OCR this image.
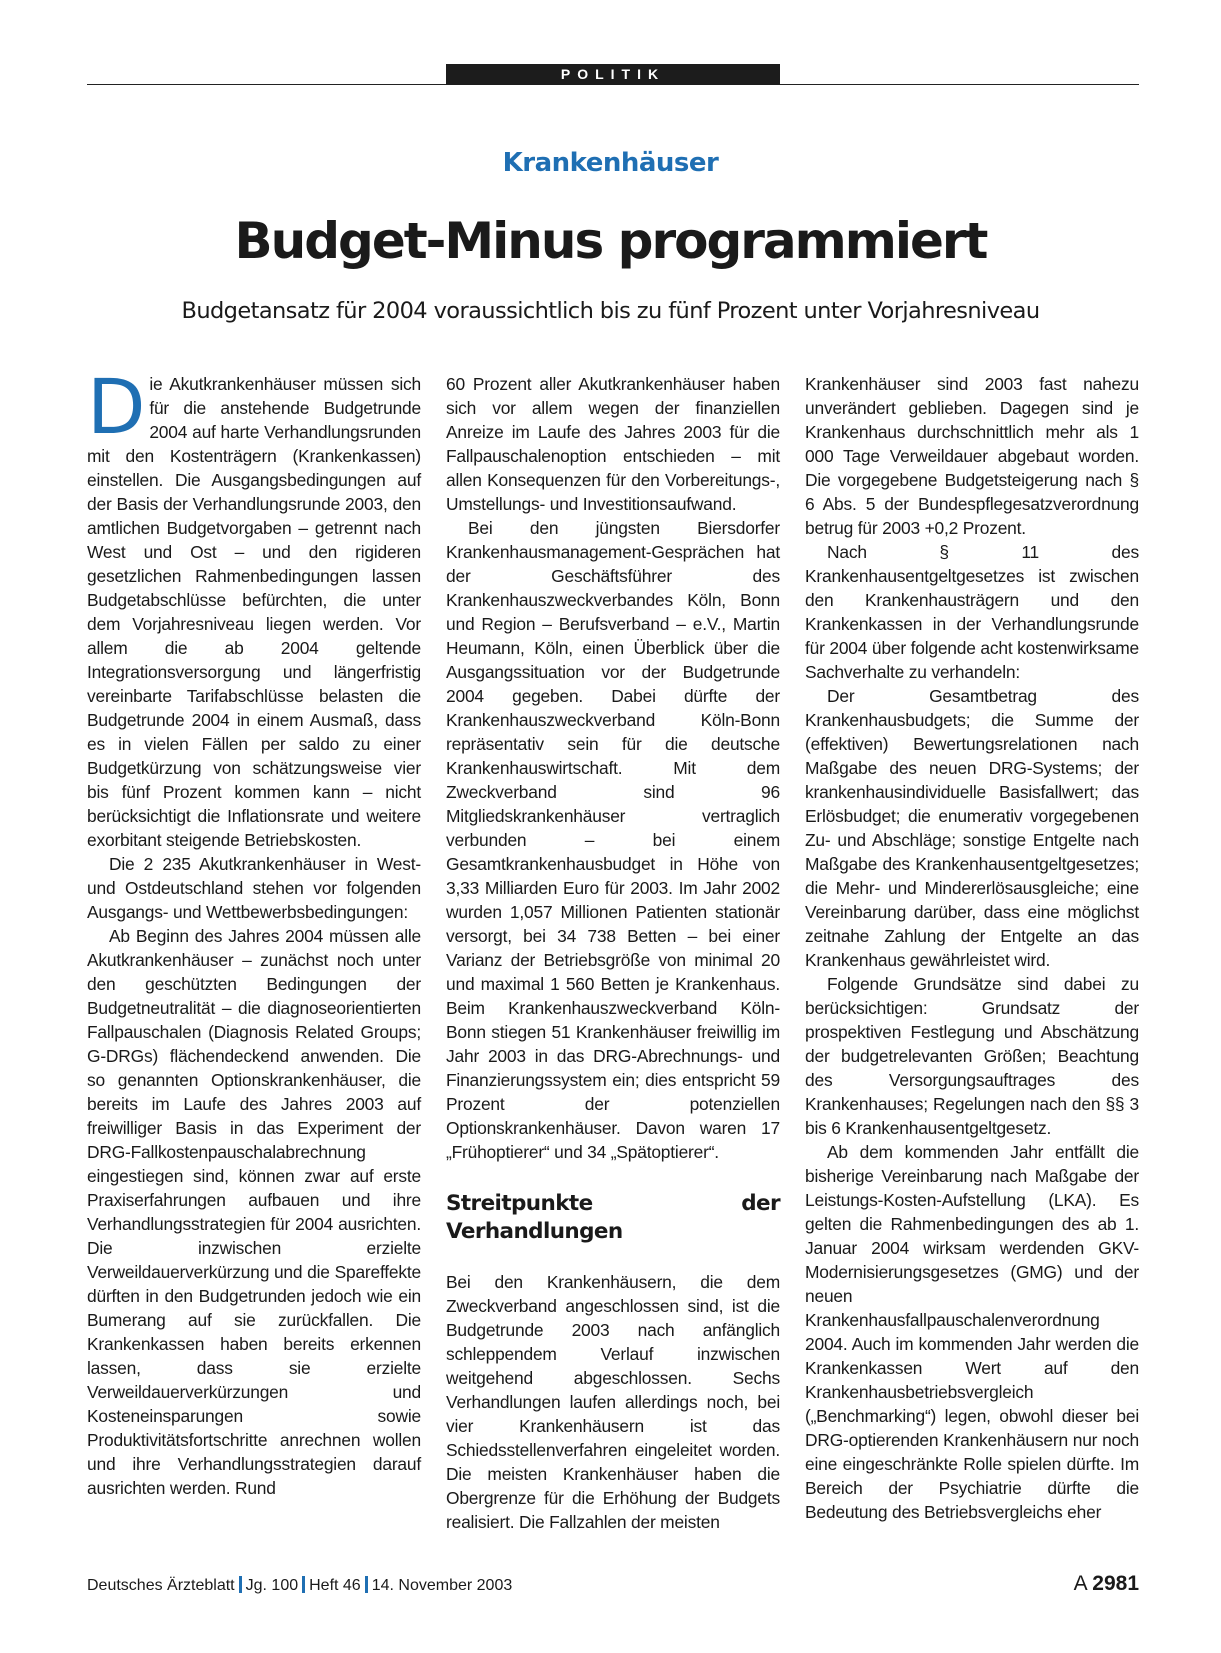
POLITIK
Krankenhäuser
Budget-Minus programmiert
Budgetansatz für 2004 voraussichtlich bis zu fünf Prozent unter Vorjahresniveau

Die Akutkrankenhäuser müssen sich für die anstehende Budgetrunde 2004 auf harte Verhandlungsrunden mit den Kostenträgern (Krankenkassen) einstellen. Die Ausgangsbedingungen auf der Basis der Verhandlungsrunde 2003, den amtlichen Budgetvorgaben – getrennt nach West und Ost – und den rigideren gesetzlichen Rahmenbedingungen lassen Budgetabschlüsse befürchten, die unter dem Vorjahresniveau liegen werden. Vor allem die ab 2004 geltende Integrationsversorgung und längerfristig vereinbarte Tarifabschlüsse belasten die Budgetrunde 2004 in einem Ausmaß, dass es in vielen Fällen per saldo zu einer Budgetkürzung von schätzungsweise vier bis fünf Prozent kommen kann – nicht berücksichtigt die Inflationsrate und weitere exorbitant steigende Betriebskosten.

Die 2 235 Akutkrankenhäuser in West- und Ostdeutschland stehen vor folgenden Ausgangs- und Wettbewerbsbedingungen:

Ab Beginn des Jahres 2004 müssen alle Akutkrankenhäuser – zunächst noch unter den geschützten Bedingungen der Budgetneutralität – die diagnoseorientierten Fallpauschalen (Diagnosis Related Groups; G-DRGs) flächendeckend anwenden. Die so genannten Optionskrankenhäuser, die bereits im Laufe des Jahres 2003 auf freiwilliger Basis in das Experiment der DRG-Fallkostenpauschalabrechnung eingestiegen sind, können zwar auf erste Praxiserfahrungen aufbauen und ihre Verhandlungsstrategien für 2004 ausrichten. Die inzwischen erzielte Verweildauerverkürzung und die Spareffekte dürften in den Budgetrunden jedoch wie ein Bumerang auf sie zurückfallen. Die Krankenkassen haben bereits erkennen lassen, dass sie erzielte Verweildauerverkürzungen und Kosteneinsparungen sowie Produktivitätsfortschritte anrechnen wollen und ihre Verhandlungsstrategien darauf ausrichten werden. Rund

60 Prozent aller Akutkrankenhäuser haben sich vor allem wegen der finanziellen Anreize im Laufe des Jahres 2003 für die Fallpauschalenoption entschieden – mit allen Konsequenzen für den Vorbereitungs-, Umstellungs- und Investitionsaufwand.

Bei den jüngsten Biersdorfer Krankenhausmanagement-Gesprächen hat der Geschäftsführer des Krankenhauszweckverbandes Köln, Bonn und Region – Berufsverband – e.V., Martin Heumann, Köln, einen Überblick über die Ausgangssituation vor der Budgetrunde 2004 gegeben. Dabei dürfte der Krankenhauszweckverband Köln-Bonn repräsentativ sein für die deutsche Krankenhauswirtschaft. Mit dem Zweckverband sind 96 Mitgliedskrankenhäuser vertraglich verbunden – bei einem Gesamtkrankenhausbudget in Höhe von 3,33 Milliarden Euro für 2003. Im Jahr 2002 wurden 1,057 Millionen Patienten stationär versorgt, bei 34 738 Betten – bei einer Varianz der Betriebsgröße von minimal 20 und maximal 1 560 Betten je Krankenhaus. Beim Krankenhauszweckverband Köln-Bonn stiegen 51 Krankenhäuser freiwillig im Jahr 2003 in das DRG-Abrechnungs- und Finanzierungssystem ein; dies entspricht 59 Prozent der potenziellen Optionskrankenhäuser. Davon waren 17 „Frühoptierer“ und 34 „Spätoptierer“.

Streitpunkte der Verhandlungen

Bei den Krankenhäusern, die dem Zweckverband angeschlossen sind, ist die Budgetrunde 2003 nach anfänglich schleppendem Verlauf inzwischen weitgehend abgeschlossen. Sechs Verhandlungen laufen allerdings noch, bei vier Krankenhäusern ist das Schiedsstellenverfahren eingeleitet worden. Die meisten Krankenhäuser haben die Obergrenze für die Erhöhung der Budgets realisiert. Die Fallzahlen der meisten

Krankenhäuser sind 2003 fast nahezu unverändert geblieben. Dagegen sind je Krankenhaus durchschnittlich mehr als 1 000 Tage Verweildauer abgebaut worden. Die vorgegebene Budgetsteigerung nach § 6 Abs. 5 der Bundespflegesatzverordnung betrug für 2003 +0,2 Prozent.

Nach § 11 des Krankenhausentgeltgesetzes ist zwischen den Krankenhausträgern und den Krankenkassen in der Verhandlungsrunde für 2004 über folgende acht kostenwirksame Sachverhalte zu verhandeln:

Der Gesamtbetrag des Krankenhausbudgets; die Summe der (effektiven) Bewertungsrelationen nach Maßgabe des neuen DRG-Systems; der krankenhausindividuelle Basisfallwert; das Erlösbudget; die enumerativ vorgegebenen Zu- und Abschläge; sonstige Entgelte nach Maßgabe des Krankenhausentgeltgesetzes; die Mehr- und Mindererlösausgleiche; eine Vereinbarung darüber, dass eine möglichst zeitnahe Zahlung der Entgelte an das Krankenhaus gewährleistet wird.

Folgende Grundsätze sind dabei zu berücksichtigen: Grundsatz der prospektiven Festlegung und Abschätzung der budgetrelevanten Größen; Beachtung des Versorgungsauftrages des Krankenhauses; Regelungen nach den §§ 3 bis 6 Krankenhausentgeltgesetz.

Ab dem kommenden Jahr entfällt die bisherige Vereinbarung nach Maßgabe der Leistungs-Kosten-Aufstellung (LKA). Es gelten die Rahmenbedingungen des ab 1. Januar 2004 wirksam werdenden GKV-Modernisierungsgesetzes (GMG) und der neuen Krankenhausfallpauschalenverordnung 2004. Auch im kommenden Jahr werden die Krankenkassen Wert auf den Krankenhausbetriebsvergleich („Benchmarking“) legen, obwohl dieser bei DRG-optierenden Krankenhäusern nur noch eine eingeschränkte Rolle spielen dürfte. Im Bereich der Psychiatrie dürfte die Bedeutung des Betriebsvergleichs eher

Deutsches Ärzteblatt Jg. 100 Heft 46 14. November 2003	A 2981
